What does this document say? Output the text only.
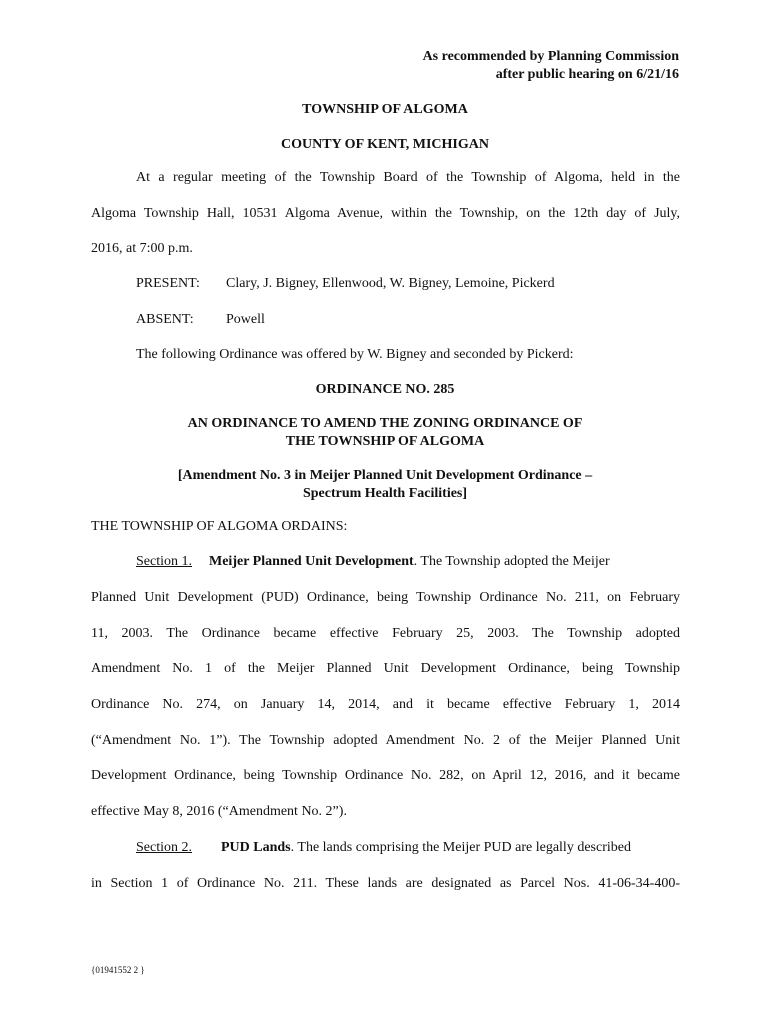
As recommended by Planning Commission
after public hearing on 6/21/16
TOWNSHIP OF ALGOMA
COUNTY OF KENT, MICHIGAN
At a regular meeting of the Township Board of the Township of Algoma, held in the
Algoma Township Hall, 10531 Algoma Avenue, within the Township, on the 12th day of July,
2016, at 7:00 p.m.
PRESENT: Clary, J. Bigney, Ellenwood, W. Bigney, Lemoine, Pickerd
ABSENT: Powell
The following Ordinance was offered by W. Bigney and seconded by Pickerd:
ORDINANCE NO. 285
AN ORDINANCE TO AMEND THE ZONING ORDINANCE OF
THE TOWNSHIP OF ALGOMA
[Amendment No. 3 in Meijer Planned Unit Development Ordinance –
Spectrum Health Facilities]
THE TOWNSHIP OF ALGOMA ORDAINS:
Section 1. Meijer Planned Unit Development. The Township adopted the Meijer
Planned Unit Development (PUD) Ordinance, being Township Ordinance No. 211, on February
11, 2003. The Ordinance became effective February 25, 2003. The Township adopted
Amendment No. 1 of the Meijer Planned Unit Development Ordinance, being Township
Ordinance No. 274, on January 14, 2014, and it became effective February 1, 2014
(“Amendment No. 1”). The Township adopted Amendment No. 2 of the Meijer Planned Unit
Development Ordinance, being Township Ordinance No. 282, on April 12, 2016, and it became
effective May 8, 2016 (“Amendment No. 2”).
Section 2. PUD Lands. The lands comprising the Meijer PUD are legally described
in Section 1 of Ordinance No. 211. These lands are designated as Parcel Nos. 41-06-34-400-
{01941552 2 }
